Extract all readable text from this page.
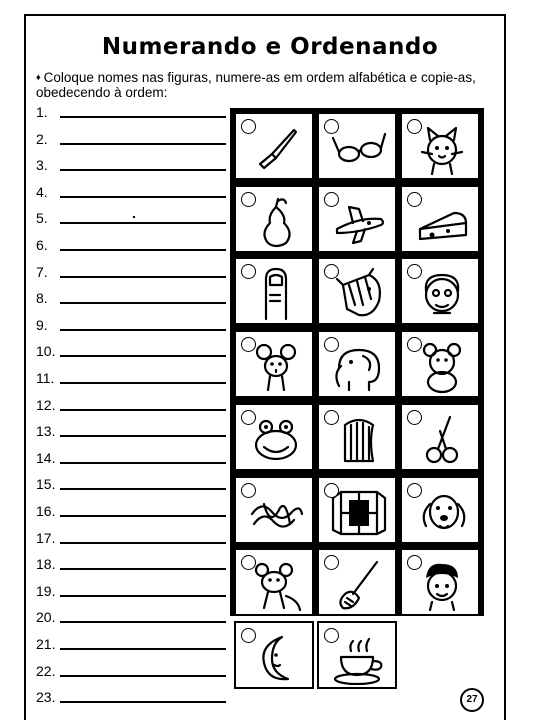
Numerando e Ordenando
♦ Coloque nomes nas figuras, numere-as em ordem alfabética e copie-as, obedecendo à ordem:
1.
2.
3.
4.
5.
6.
7.
8.
9.
10.
11.
12.
13.
14.
15.
16.
17.
18.
19.
20.
21.
22.
23.	27
